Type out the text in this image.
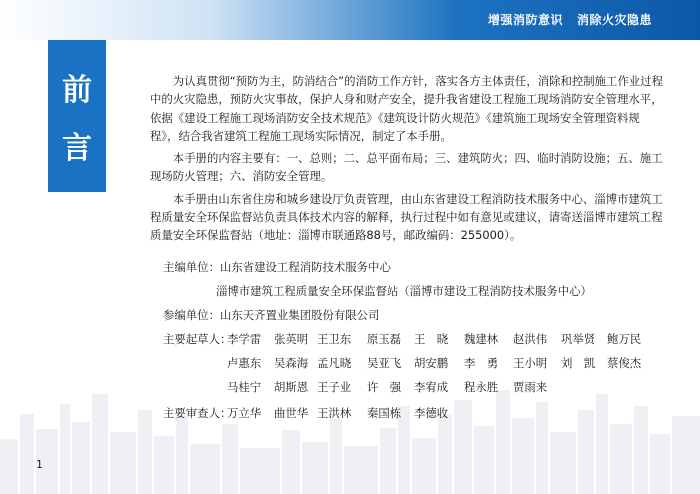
增强消防意识 消除火灾隐患
前
言

为认真贯彻“预防为主，防消结合”的消防工作方针，落实各方主体责任，消除和控制施工作业过程中的火灾隐患，预防火灾事故，保护人身和财产安全，提升我省建设工程施工现场消防安全管理水平，依据《建设工程施工现场消防安全技术规范》《建筑设计防火规范》《建筑施工现场安全管理资料规程》，结合我省建筑工程施工现场实际情况，制定了本手册。

本手册的内容主要有：一、总则；二、总平面布局；三、建筑防火；四、临时消防设施；五、施工现场防火管理；六、消防安全管理。

本手册由山东省住房和城乡建设厅负责管理，由山东省建设工程消防技术服务中心、淄博市建筑工程质量安全环保监督站负责具体技术内容的解释，执行过程中如有意见或建议，请寄送淄博市建筑工程质量安全环保监督站（地址：淄博市联通路88号，邮政编码：255000）。

主编单位：山东省建设工程消防技术服务中心
淄博市建筑工程质量安全环保监督站（淄博市建设工程消防技术服务中心）
参编单位：山东天齐置业集团股份有限公司
主要起草人：
李学雷 张英明 王卫东 原玉磊 王　晓 魏建林 赵洪伟 巩举贤 鲍万民
卢惠东 吴森海 孟凡晓 吴亚飞 胡安鹏 李　勇 王小明 刘　凯 蔡俊杰
马桂宁 胡斯恩 王子业 许　强 李宥成 程永胜 贾雨来
主要审查人：
万立华 曲世华 王洪林 秦国栋 李德收
1
